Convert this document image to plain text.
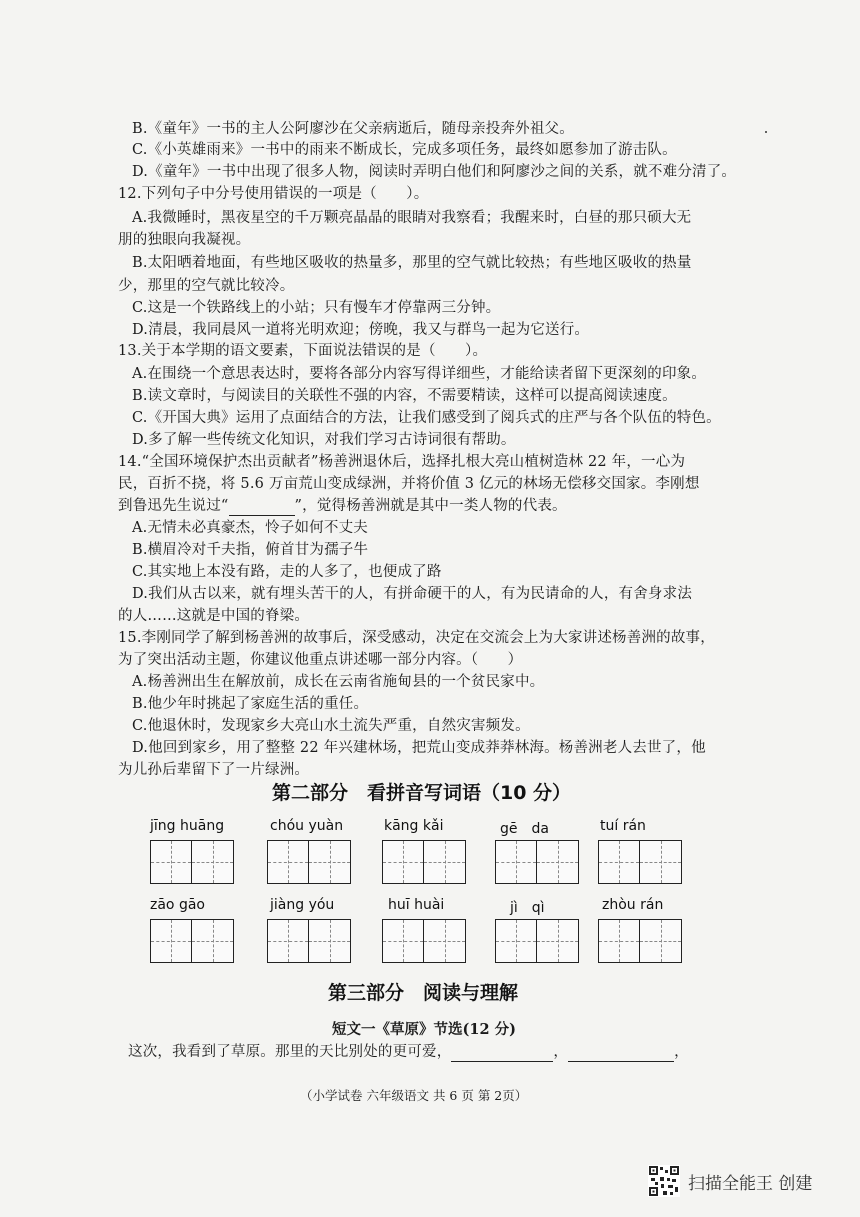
B.《童年》一书的主人公阿廖沙在父亲病逝后，随母亲投奔外祖父。
C.《小英雄雨来》一书中的雨来不断成长，完成多项任务，最终如愿参加了游击队。
D.《童年》一书中出现了很多人物，阅读时弄明白他们和阿廖沙之间的关系，就不难分清了。
12.下列句子中分号使用错误的一项是（　　）。
A.我微睡时，黑夜星空的千万颗亮晶晶的眼睛对我察看；我醒来时，白昼的那只硕大无
朋的独眼向我凝视。
B.太阳晒着地面，有些地区吸收的热量多，那里的空气就比较热；有些地区吸收的热量
少，那里的空气就比较冷。
C.这是一个铁路线上的小站；只有慢车才停靠两三分钟。
D.清晨，我同晨风一道将光明欢迎；傍晚，我又与群鸟一起为它送行。
13.关于本学期的语文要素，下面说法错误的是（　　）。
A.在围绕一个意思表达时，要将各部分内容写得详细些，才能给读者留下更深刻的印象。
B.读文章时，与阅读目的关联性不强的内容，不需要精读，这样可以提高阅读速度。
C.《开国大典》运用了点面结合的方法，让我们感受到了阅兵式的庄严与各个队伍的特色。
D.多了解一些传统文化知识，对我们学习古诗词很有帮助。
14.“全国环境保护杰出贡献者”杨善洲退休后，选择扎根大亮山植树造林 22 年，一心为
民，百折不挠，将 5.6 万亩荒山变成绿洲，并将价值 3 亿元的林场无偿移交国家。李刚想
到鲁迅先生说过“	”，觉得杨善洲就是其中一类人物的代表。
A.无情未必真豪杰，怜子如何不丈夫
B.横眉冷对千夫指，俯首甘为孺子牛
C.其实地上本没有路，走的人多了，也便成了路
D.我们从古以来，就有埋头苦干的人，有拼命硬干的人，有为民请命的人，有舍身求法
的人……这就是中国的脊梁。
15.李刚同学了解到杨善洲的故事后，深受感动，决定在交流会上为大家讲述杨善洲的故事，
为了突出活动主题，你建议他重点讲述哪一部分内容。（　　）
A.杨善洲出生在解放前，成长在云南省施甸县的一个贫民家中。
B.他少年时挑起了家庭生活的重任。
C.他退休时，发现家乡大亮山水土流失严重，自然灾害频发。
D.他回到家乡，用了整整 22 年兴建林场，把荒山变成莽莽林海。杨善洲老人去世了，他
为儿孙后辈留下了一片绿洲。
第二部分　看拼音写词语（10 分）
jīng huāng	chóu yuàn	kāng kǎi	gē　da	tuí rán
zāo gāo	jiàng yóu	huī huài	jì　qì	zhòu rán
第三部分　阅读与理解
短文一《草原》节选(12 分)
这次，我看到了草原。那里的天比别处的更可爱，	，	，
（小学试卷 六年级语文 共 6 页 第 2页）
扫描全能王 创建
